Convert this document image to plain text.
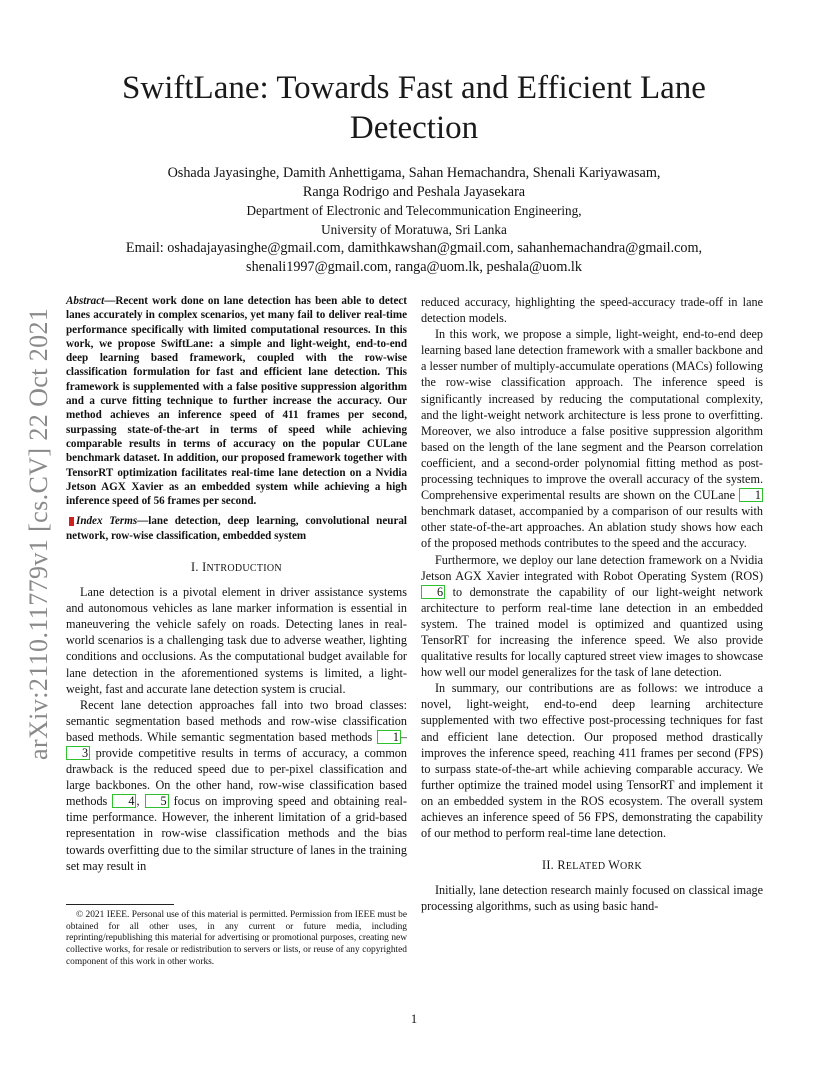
SwiftLane: Towards Fast and Efficient Lane Detection
Oshada Jayasinghe, Damith Anhettigama, Sahan Hemachandra, Shenali Kariyawasam,
Ranga Rodrigo and Peshala Jayasekara
Department of Electronic and Telecommunication Engineering,
University of Moratuwa, Sri Lanka
Email: oshadajayasinghe@gmail.com, damithkawshan@gmail.com, sahanhemachandra@gmail.com,
shenali1997@gmail.com, ranga@uom.lk, peshala@uom.lk
arXiv:2110.11779v1 [cs.CV] 22 Oct 2021

Abstract—Recent work done on lane detection has been able to detect lanes accurately in complex scenarios, yet many fail to deliver real-time performance specifically with limited computational resources. In this work, we propose SwiftLane: a simple and light-weight, end-to-end deep learning based framework, coupled with the row-wise classification formulation for fast and efficient lane detection. This framework is supplemented with a false positive suppression algorithm and a curve fitting technique to further increase the accuracy. Our method achieves an inference speed of 411 frames per second, surpassing state-of-the-art in terms of speed while achieving comparable results in terms of accuracy on the popular CULane benchmark dataset. In addition, our proposed framework together with TensorRT optimization facilitates real-time lane detection on a Nvidia Jetson AGX Xavier as an embedded system while achieving a high inference speed of 56 frames per second.

Index Terms—lane detection, deep learning, convolutional neural network, row-wise classification, embedded system

I. INTRODUCTION

Lane detection is a pivotal element in driver assistance systems and autonomous vehicles as lane marker information is essential in maneuvering the vehicle safely on roads. Detecting lanes in real-world scenarios is a challenging task due to adverse weather, lighting conditions and occlusions. As the computational budget available for lane detection in the aforementioned systems is limited, a light-weight, fast and accurate lane detection system is crucial.

Recent lane detection approaches fall into two broad classes: semantic segmentation based methods and row-wise classification based methods. While semantic segmentation based methods 1 –3 provide competitive results in terms of accuracy, a common drawback is the reduced speed due to per-pixel classification and large backbones. On the other hand, row-wise classification based methods 4 , 5 focus on improving speed and obtaining real-time performance. However, the inherent limitation of a grid-based representation in row-wise classification methods and the bias towards overfitting due to the similar structure of lanes in the training set may result in

© 2021 IEEE. Personal use of this material is permitted. Permission from IEEE must be obtained for all other uses, in any current or future media, including reprinting/republishing this material for advertising or promotional purposes, creating new collective works, for resale or redistribution to servers or lists, or reuse of any copyrighted component of this work in other works.

reduced accuracy, highlighting the speed-accuracy trade-off in lane detection models.

In this work, we propose a simple, light-weight, end-to-end deep learning based lane detection framework with a smaller backbone and a lesser number of multiply-accumulate operations (MACs) following the row-wise classification approach. The inference speed is significantly increased by reducing the computational complexity, and the light-weight network architecture is less prone to overfitting. Moreover, we also introduce a false positive suppression algorithm based on the length of the lane segment and the Pearson correlation coefficient, and a second-order polynomial fitting method as post-processing techniques to improve the overall accuracy of the system. Comprehensive experimental results are shown on the CULane 1 benchmark dataset, accompanied by a comparison of our results with other state-of-the-art approaches. An ablation study shows how each of the proposed methods contributes to the speed and the accuracy.

Furthermore, we deploy our lane detection framework on a Nvidia Jetson AGX Xavier integrated with Robot Operating System (ROS) 6 to demonstrate the capability of our light-weight network architecture to perform real-time lane detection in an embedded system. The trained model is optimized and quantized using TensorRT for increasing the inference speed. We also provide qualitative results for locally captured street view images to showcase how well our model generalizes for the task of lane detection.

In summary, our contributions are as follows: we introduce a novel, light-weight, end-to-end deep learning architecture supplemented with two effective post-processing techniques for fast and efficient lane detection. Our proposed method drastically improves the inference speed, reaching 411 frames per second (FPS) to surpass state-of-the-art while achieving comparable accuracy. We further optimize the trained model using TensorRT and implement it on an embedded system in the ROS ecosystem. The overall system achieves an inference speed of 56 FPS, demonstrating the capability of our method to perform real-time lane detection.

II. RELATED WORK

Initially, lane detection research mainly focused on classical image processing algorithms, such as using basic hand-

1
